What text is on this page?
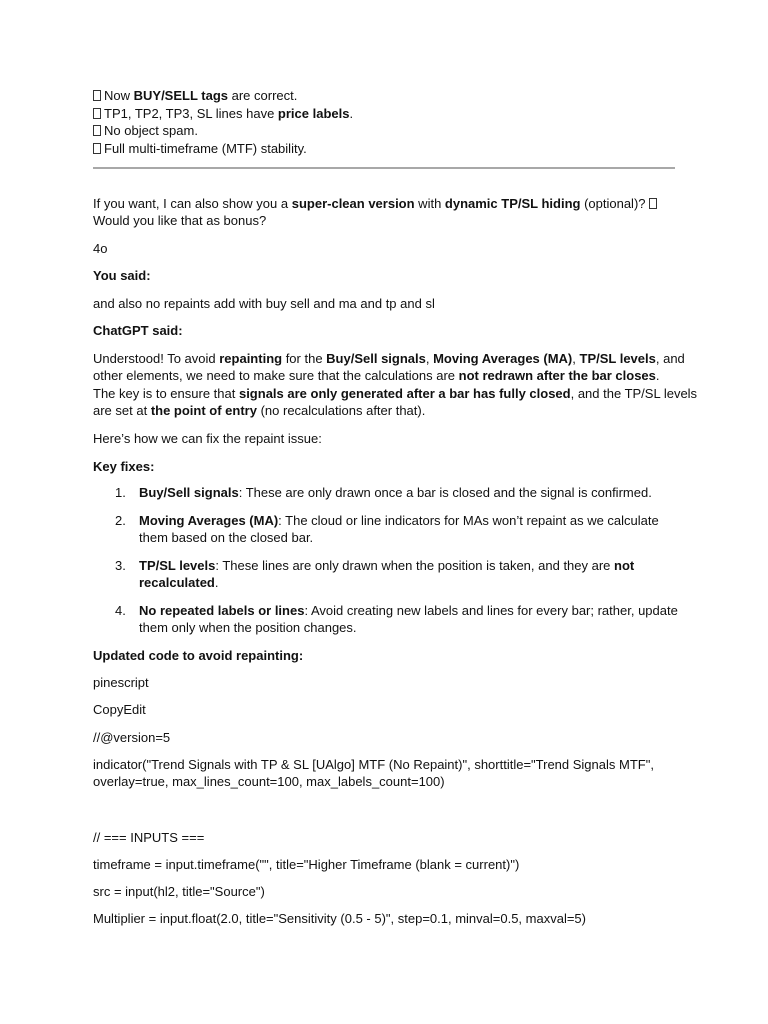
Now BUY/SELL tags are correct.
TP1, TP2, TP3, SL lines have price labels.
No object spam.
Full multi-timeframe (MTF) stability.
If you want, I can also show you a super-clean version with dynamic TP/SL hiding (optional)?
Would you like that as bonus?
4o
You said:
and also no repaints add with buy sell and ma and tp and sl
ChatGPT said:
Understood! To avoid repainting for the Buy/Sell signals, Moving Averages (MA), TP/SL levels, and
other elements, we need to make sure that the calculations are not redrawn after the bar closes.
The key is to ensure that signals are only generated after a bar has fully closed, and the TP/SL levels
are set at the point of entry (no recalculations after that).
Here’s how we can fix the repaint issue:
Key fixes:
1.	Buy/Sell signals: These are only drawn once a bar is closed and the signal is confirmed.
2.	Moving Averages (MA): The cloud or line indicators for MAs won’t repaint as we calculate
them based on the closed bar.
3.	TP/SL levels: These lines are only drawn when the position is taken, and they are not
recalculated.
4.	No repeated labels or lines: Avoid creating new labels and lines for every bar; rather, update
them only when the position changes.
Updated code to avoid repainting:
pinescript
CopyEdit
//@version=5
indicator("Trend Signals with TP & SL [UAlgo] MTF (No Repaint)", shorttitle="Trend Signals MTF",
overlay=true, max_lines_count=100, max_labels_count=100)
// === INPUTS ===
timeframe = input.timeframe("", title="Higher Timeframe (blank = current)")
src = input(hl2, title="Source")
Multiplier = input.float(2.0, title="Sensitivity (0.5 - 5)", step=0.1, minval=0.5, maxval=5)
